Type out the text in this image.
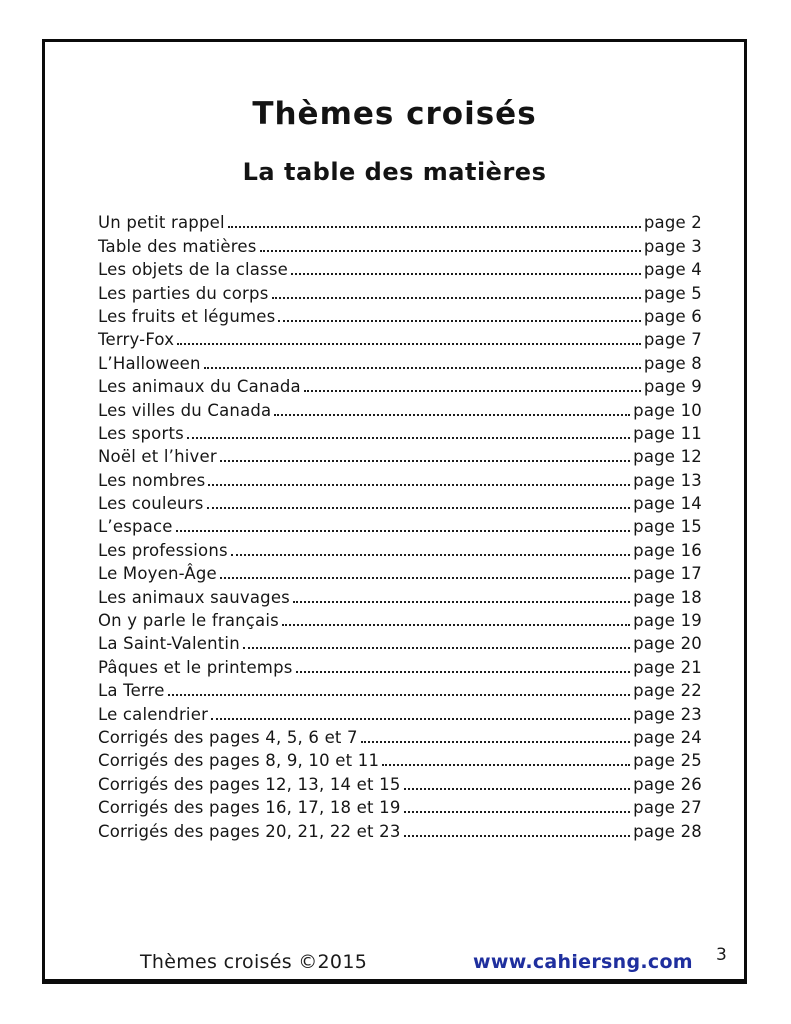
Thèmes croisés
La table des matières
Un petit rappel	page 2
Table des matières	page 3
Les objets de la classe	page 4
Les parties du corps	page 5
Les fruits et légumes	page 6
Terry-Fox	page 7
L’Halloween	page 8
Les animaux du Canada	page 9
Les villes du Canada	page 10
Les sports	page 11
Noël et l’hiver	page 12
Les nombres	page 13
Les couleurs	page 14
L’espace	page 15
Les professions	page 16
Le Moyen-Âge	page 17
Les animaux sauvages	page 18
On y parle le français	page 19
La Saint-Valentin	page 20
Pâques et le printemps	page 21
La Terre	page 22
Le calendrier	page 23
Corrigés des pages 4, 5, 6 et 7	page 24
Corrigés des pages 8, 9, 10 et 11	page 25
Corrigés des pages 12, 13, 14 et 15	page 26
Corrigés des pages 16, 17, 18 et 19	page 27
Corrigés des pages 20, 21, 22 et 23	page 28
Thèmes croisés ©2015	www.cahiersng.com 3
